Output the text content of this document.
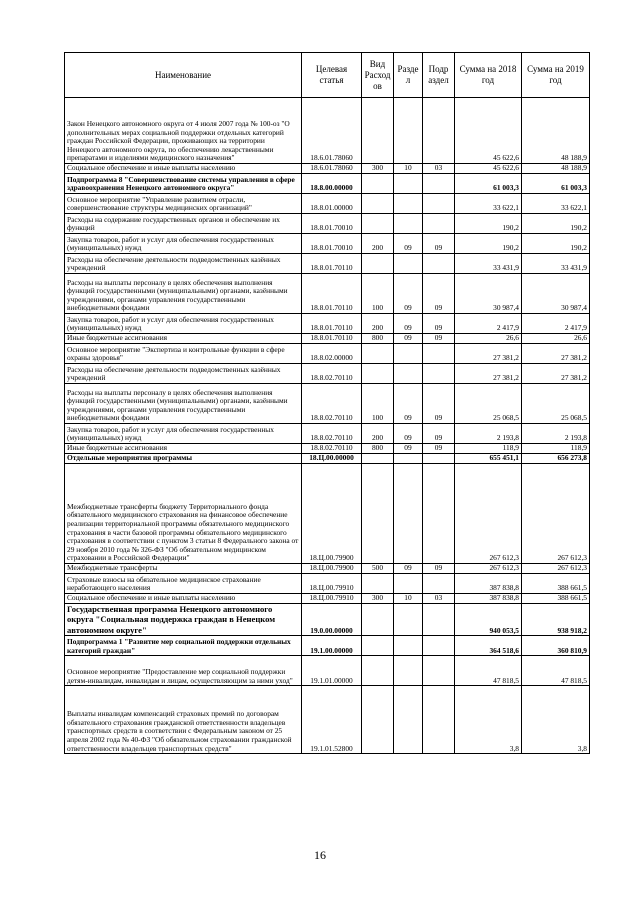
Наименование	Целевая статья	Вид Расход ов	Разде л	Подр аздел	Сумма на 2018 год	Сумма на 2019 год
Закон Ненецкого автономного округа от 4 июля 2007 года № 100-оз "О дополнительных мерах социальной поддержки отдельных категорий граждан Российской Федерации, проживающих на территории Ненецкого автономного округа, по обеспечению лекарственными препаратами и изделиями медицинского назначения"	18.6.01.78060				45 622,6	48 188,9
Социальное обеспечение и иные выплаты населению	18.6.01.78060	300	10	03	45 622,6	48 188,9
Подпрограмма 8 "Совершенствование системы управления в сфере здравоохранения Ненецкого автономного округа"	18.8.00.00000				61 003,3	61 003,3
Основное мероприятие "Управление развитием отрасли, совершенствование структуры медицинских организаций"	18.8.01.00000				33 622,1	33 622,1
Расходы на содержание государственных органов и обеспечение их функций	18.8.01.70010				190,2	190,2
Закупка товаров, работ и услуг для обеспечения государственных (муниципальных) нужд	18.8.01.70010	200	09	09	190,2	190,2
Расходы на обеспечение деятельности подведомственных казённых учреждений	18.8.01.70110				33 431,9	33 431,9
Расходы на выплаты персоналу в целях обеспечения выполнения функций государственными (муниципальными) органами, казёнными учреждениями, органами управления государственными внебюджетными фондами	18.8.01.70110	100	09	09	30 987,4	30 987,4
Закупка товаров, работ и услуг для обеспечения государственных (муниципальных) нужд	18.8.01.70110	200	09	09	2 417,9	2 417,9
Иные бюджетные ассигнования	18.8.01.70110	800	09	09	26,6	26,6
Основное мероприятие "Экспертиза и контрольные функции в сфере охраны здоровья"	18.8.02.00000				27 381,2	27 381,2
Расходы на обеспечение деятельности подведомственных казённых учреждений	18.8.02.70110				27 381,2	27 381,2
Расходы на выплаты персоналу в целях обеспечения выполнения функций государственными (муниципальными) органами, казёнными учреждениями, органами управления государственными внебюджетными фондами	18.8.02.70110	100	09	09	25 068,5	25 068,5
Закупка товаров, работ и услуг для обеспечения государственных (муниципальных) нужд	18.8.02.70110	200	09	09	2 193,8	2 193,8
Иные бюджетные ассигнования	18.8.02.70110	800	09	09	118,9	118,9
Отдельные мероприятия программы	18.Ц.00.00000				655 451,1	656 273,8
Межбюджетные трансферты бюджету Территориального фонда обязательного медицинского страхования на финансовое обеспечение реализации территориальной программы обязательного медицинского страхования в части базовой программы обязательного медицинского страхования в соответствии с пунктом 3 статьи 8 Федерального закона от 29 ноября 2010 года № 326-ФЗ "Об обязательном медицинском страховании в Российской Федерации"	18.Ц.00.79900				267 612,3	267 612,3
Межбюджетные трансферты	18.Ц.00.79900	500	09	09	267 612,3	267 612,3
Страховые взносы на обязательное медицинское страхование неработающего населения	18.Ц.00.79910				387 838,8	388 661,5
Социальное обеспечение и иные выплаты населению	18.Ц.00.79910	300	10	03	387 838,8	388 661,5
Государственная программа Ненецкого автономного округа "Социальная поддержка граждан в Ненецком автономном округе"	19.0.00.00000				940 053,5	938 918,2
Подпрограмма 1 "Развитие мер социальной поддержки отдельных категорий граждан"	19.1.00.00000				364 518,6	360 810,9
Основное мероприятие "Предоставление мер социальной поддержки детям-инвалидам, инвалидам и лицам, осуществляющим за ними уход"	19.1.01.00000				47 818,5	47 818,5
Выплаты инвалидам компенсаций страховых премий по договорам обязательного страхования гражданской ответственности владельцев транспортных средств в соответствии с Федеральным законом от 25 апреля 2002 года № 40-ФЗ "Об обязательном страховании гражданской ответственности владельцев транспортных средств"	19.1.01.52800				3,8	3,8
16
